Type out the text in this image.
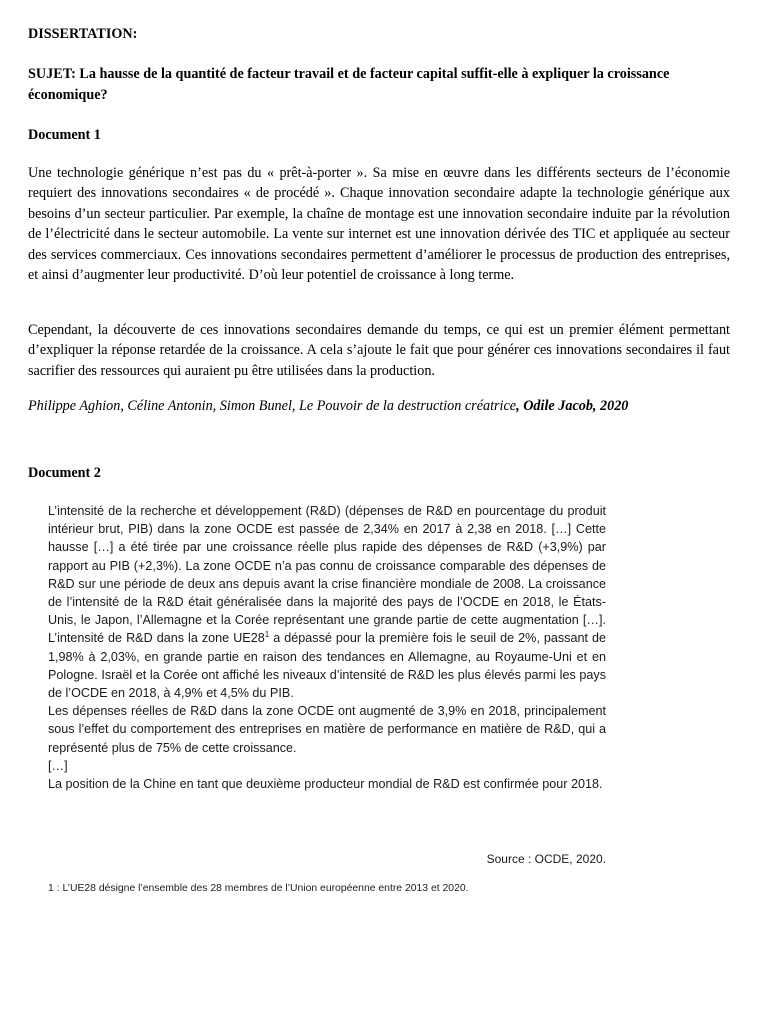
DISSERTATION:
SUJET: La hausse de la quantité de facteur travail et de facteur capital suffit-elle à expliquer la croissance économique?
Document 1

Une technologie générique n’est pas du « prêt-à-porter ». Sa mise en œuvre dans les différents secteurs de l’économie requiert des innovations secondaires « de procédé ». Chaque innovation secondaire adapte la technologie générique aux besoins d’un secteur particulier. Par exemple, la chaîne de montage est une innovation secondaire induite par la révolution de l’électricité dans le secteur automobile. La vente sur internet est une innovation dérivée des TIC et appliquée au secteur des services commerciaux. Ces innovations secondaires permettent d’améliorer le processus de production des entreprises, et ainsi d’augmenter leur productivité. D’où leur potentiel de croissance à long terme.

Cependant, la découverte de ces innovations secondaires demande du temps, ce qui est un premier élément permettant d’expliquer la réponse retardée de la croissance. A cela s’ajoute le fait que pour générer ces innovations secondaires il faut sacrifier des ressources qui auraient pu être utilisées dans la production.

Philippe Aghion, Céline Antonin, Simon Bunel, Le Pouvoir de la destruction créatrice, Odile Jacob, 2020
Document 2

L’intensité de la recherche et développement (R&D) (dépenses de R&D en pourcentage du produit intérieur brut, PIB) dans la zone OCDE est passée de 2,34% en 2017 à 2,38 en 2018. […] Cette hausse […] a été tirée par une croissance réelle plus rapide des dépenses de R&D (+3,9%) par rapport au PIB (+2,3%). La zone OCDE n’a pas connu de croissance comparable des dépenses de R&D sur une période de deux ans depuis avant la crise financière mondiale de 2008. La croissance de l’intensité de la R&D était généralisée dans la majorité des pays de l’OCDE en 2018, le États-Unis, le Japon, l’Allemagne et la Corée représentant une grande partie de cette augmentation […]. L’intensité de R&D dans la zone $UE28^1$ a dépassé pour la première fois le seuil de 2%, passant de 1,98% à 2,03%, en grande partie en raison des tendances en Allemagne, au Royaume-Uni et en Pologne. Israël et la Corée ont affiché les niveaux d’intensité de R&D les plus élevés parmi les pays de l’OCDE en 2018, à 4,9% et 4,5% du PIB.

Les dépenses réelles de R&D dans la zone OCDE ont augmenté de 3,9% en 2018, principalement sous l’effet du comportement des entreprises en matière de performance en matière de R&D, qui a représenté plus de 75% de cette croissance.

[…]

La position de la Chine en tant que deuxième producteur mondial de R&D est confirmée pour 2018.

Source : OCDE, 2020.
1 : L’UE28 désigne l’ensemble des 28 membres de l’Union européenne entre 2013 et 2020.
